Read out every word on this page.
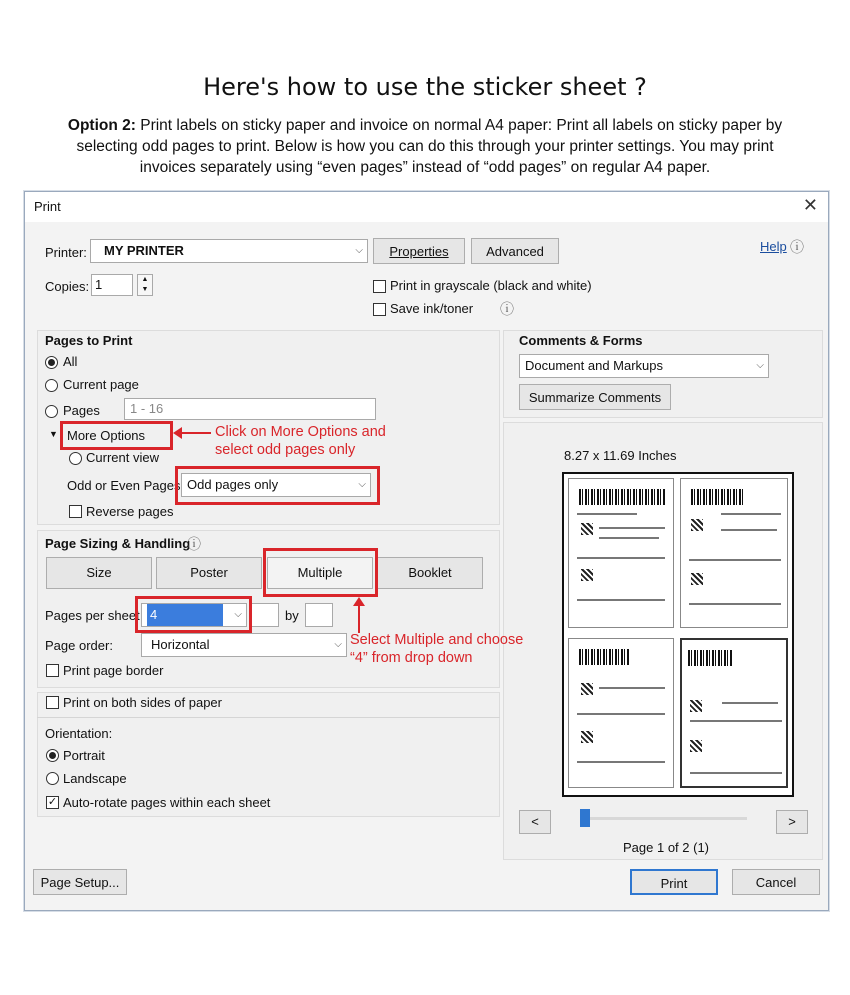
Here's how to use the sticker sheet ?
Option 2: Print labels on sticky paper and invoice on normal A4 paper: Print all labels on sticky paper by
selecting odd pages to print. Below is how you can do this through your printer settings. You may print
invoices separately using “even pages” instead of “odd pages” on regular A4 paper.
Print	✕
Printer:	MY PRINTER	⌵	Properties	Advanced	Help ⓘ
Copies: 1	▲
▼	Print in grayscale (black and white)
Save ink/toner ⓘ
Pages to Print
All
Current page
Pages	1 - 16
▼ More Options
Current view
Odd or Even Pages Odd pages only	⌵
Reverse pages
Page Sizing & Handling
ⓘ
Size	Poster	Multiple	Booklet
Pages per sheet 4	⌵	by
Page order:	Horizontal	⌵
Print page border
Print on both sides of paper
Orientation:
Portrait
Landscape
✓ Auto-rotate pages within each sheet
Comments & Forms
Document and Markups	⌵
Summarize Comments
8.27 x 11.69 Inches
<	>
Page 1 of 2 (1)
Page Setup...	Print	Cancel
Click on More Options and
select odd pages only
Select Multiple and choose
“4” from drop down
